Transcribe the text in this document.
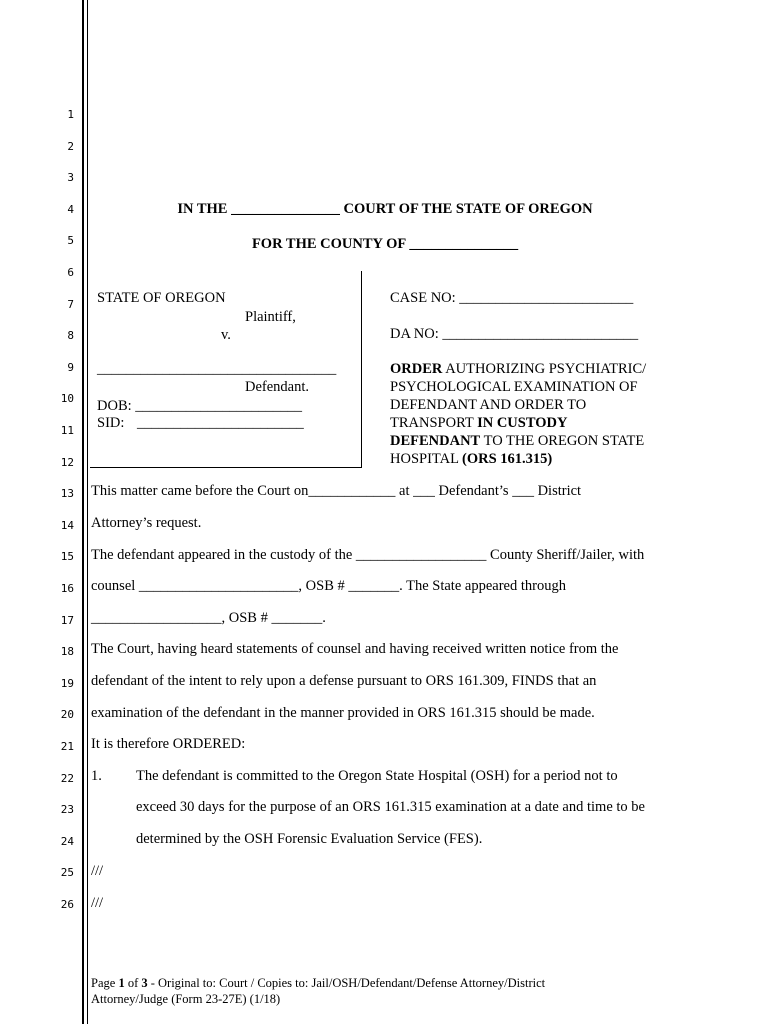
1
2
3
4
5
6
7
8
9
10
11
12
13
14
15
16
17
18
19
20
21
22
23
24
25
26
IN THE _______________ COURT OF THE STATE OF OREGON
FOR THE COUNTY OF _______________
STATE OF OREGON
Plaintiff,
v.
_________________________________
Defendant.
DOB: _______________________
SID: _______________________
CASE NO: ________________________
DA NO: ___________________________
ORDER AUTHORIZING PSYCHIATRIC/
PSYCHOLOGICAL EXAMINATION OF
DEFENDANT AND ORDER TO
TRANSPORT IN CUSTODY
DEFENDANT TO THE OREGON STATE
HOSPITAL (ORS 161.315)
This matter came before the Court on____________ at ___ Defendant’s ___ District
Attorney’s request.
The defendant appeared in the custody of the __________________ County Sheriff/Jailer, with
counsel ______________________, OSB # _______. The State appeared through
__________________, OSB # _______.
The Court, having heard statements of counsel and having received written notice from the
defendant of the intent to rely upon a defense pursuant to ORS 161.309, FINDS that an
examination of the defendant in the manner provided in ORS 161.315 should be made.
It is therefore ORDERED:
1. The defendant is committed to the Oregon State Hospital (OSH) for a period not to
exceed 30 days for the purpose of an ORS 161.315 examination at a date and time to be
determined by the OSH Forensic Evaluation Service (FES).
///
///
Page 1 of 3 - Original to: Court / Copies to: Jail/OSH/Defendant/Defense Attorney/District
Attorney/Judge (Form 23-27E) (1/18)
